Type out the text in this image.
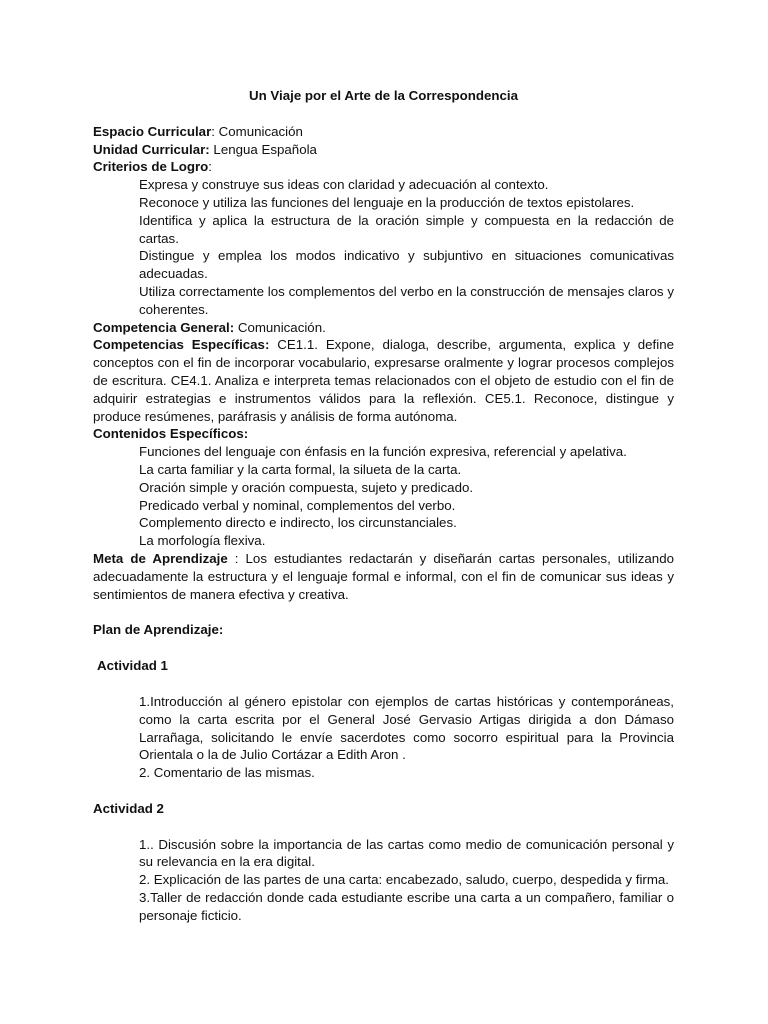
Un Viaje por el Arte de la Correspondencia

Espacio Curricular: Comunicación

Unidad Curricular: Lengua Española

Criterios de Logro:

Expresa y construye sus ideas con claridad y adecuación al contexto.

Reconoce y utiliza las funciones del lenguaje en la producción de textos epistolares.

Identifica y aplica la estructura de la oración simple y compuesta en la redacción de cartas.

Distingue y emplea los modos indicativo y subjuntivo en situaciones comunicativas adecuadas.

Utiliza correctamente los complementos del verbo en la construcción de mensajes claros y coherentes.

Competencia General: Comunicación.

Competencias Específicas: CE1.1. Expone, dialoga, describe, argumenta, explica y define conceptos con el fin de incorporar vocabulario, expresarse oralmente y lograr procesos complejos de escritura. CE4.1. Analiza e interpreta temas relacionados con el objeto de estudio con el fin de adquirir estrategias e instrumentos válidos para la reflexión. CE5.1. Reconoce, distingue y produce resúmenes, paráfrasis y análisis de forma autónoma.

Contenidos Específicos:

Funciones del lenguaje con énfasis en la función expresiva, referencial y apelativa.

La carta familiar y la carta formal, la silueta de la carta.

Oración simple y oración compuesta, sujeto y predicado.

Predicado verbal y nominal, complementos del verbo.

Complemento directo e indirecto, los circunstanciales.

La morfología flexiva.

Meta de Aprendizaje : Los estudiantes redactarán y diseñarán cartas personales, utilizando adecuadamente la estructura y el lenguaje formal e informal, con el fin de comunicar sus ideas y sentimientos de manera efectiva y creativa.

Plan de Aprendizaje:

Actividad 1

1.Introducción al género epistolar con ejemplos de cartas históricas y contemporáneas, como la carta escrita por el General José Gervasio Artigas dirigida a don Dámaso Larrañaga, solicitando le envíe sacerdotes como socorro espiritual para la Provincia Orientala o la de Julio Cortázar a Edith Aron .

2. Comentario de las mismas.

Actividad 2

1.. Discusión sobre la importancia de las cartas como medio de comunicación personal y su relevancia en la era digital.

2. Explicación de las partes de una carta: encabezado, saludo, cuerpo, despedida y firma.

3.Taller de redacción donde cada estudiante escribe una carta a un compañero, familiar o personaje ficticio.
